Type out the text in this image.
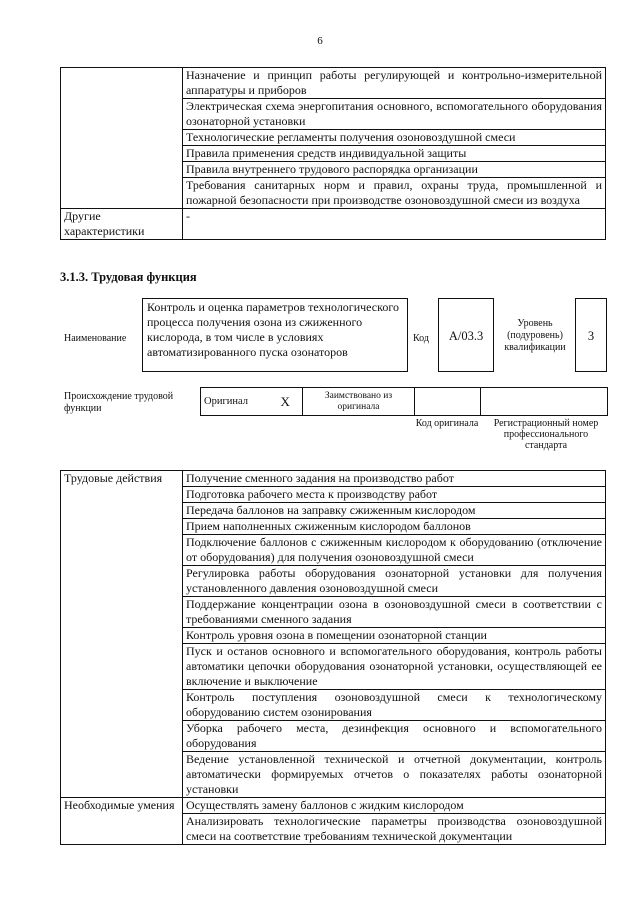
6
	Назначение и принцип работы регулирующей и контрольно-измерительной аппаратуры и приборов
	Электрическая схема энергопитания основного, вспомогательного оборудования озонаторной установки
	Технологические регламенты получения озоновоздушной смеси
	Правила применения средств индивидуальной защиты
	Правила внутреннего трудового распорядка организации
	Требования санитарных норм и правил, охраны труда, промышленной и пожарной безопасности при производстве озоновоздушной смеси из воздуха
Другие характеристики	-
3.1.3. Трудовая функция
Наименование
Контроль и оценка параметров технологического процесса получения озона из сжиженного кислорода, в том числе в условиях автоматизированного пуска озонаторов
Код	А/03.3
Уровень (подуровень) квалификации
3
Происхождение трудовой функции
Оригинал	X	Заимствовано из оригинала		
Код оригинала	Регистрационный номер профессионального стандарта
Трудовые действия	Получение сменного задания на производство работ
	Подготовка рабочего места к производству работ
	Передача баллонов на заправку сжиженным кислородом
	Прием наполненных сжиженным кислородом баллонов
	Подключение баллонов с сжиженным кислородом к оборудованию (отключение от оборудования) для получения озоновоздушной смеси
	Регулировка работы оборудования озонаторной установки для получения установленного давления озоновоздушной смеси
	Поддержание концентрации озона в озоновоздушной смеси в соответствии с требованиями сменного задания
	Контроль уровня озона в помещении озонаторной станции
	Пуск и останов основного и вспомогательного оборудования, контроль работы автоматики цепочки оборудования озонаторной установки, осуществляющей ее включение и выключение
	Контроль поступления озоновоздушной смеси к технологическому оборудованию систем озонирования
	Уборка рабочего места, дезинфекция основного и вспомогательного оборудования
	Ведение установленной технической и отчетной документации, контроль автоматически формируемых отчетов о показателях работы озонаторной установки
Необходимые умения	Осуществлять замену баллонов с жидким кислородом
	Анализировать технологические параметры производства озоновоздушной смеси на соответствие требованиям технической документации
